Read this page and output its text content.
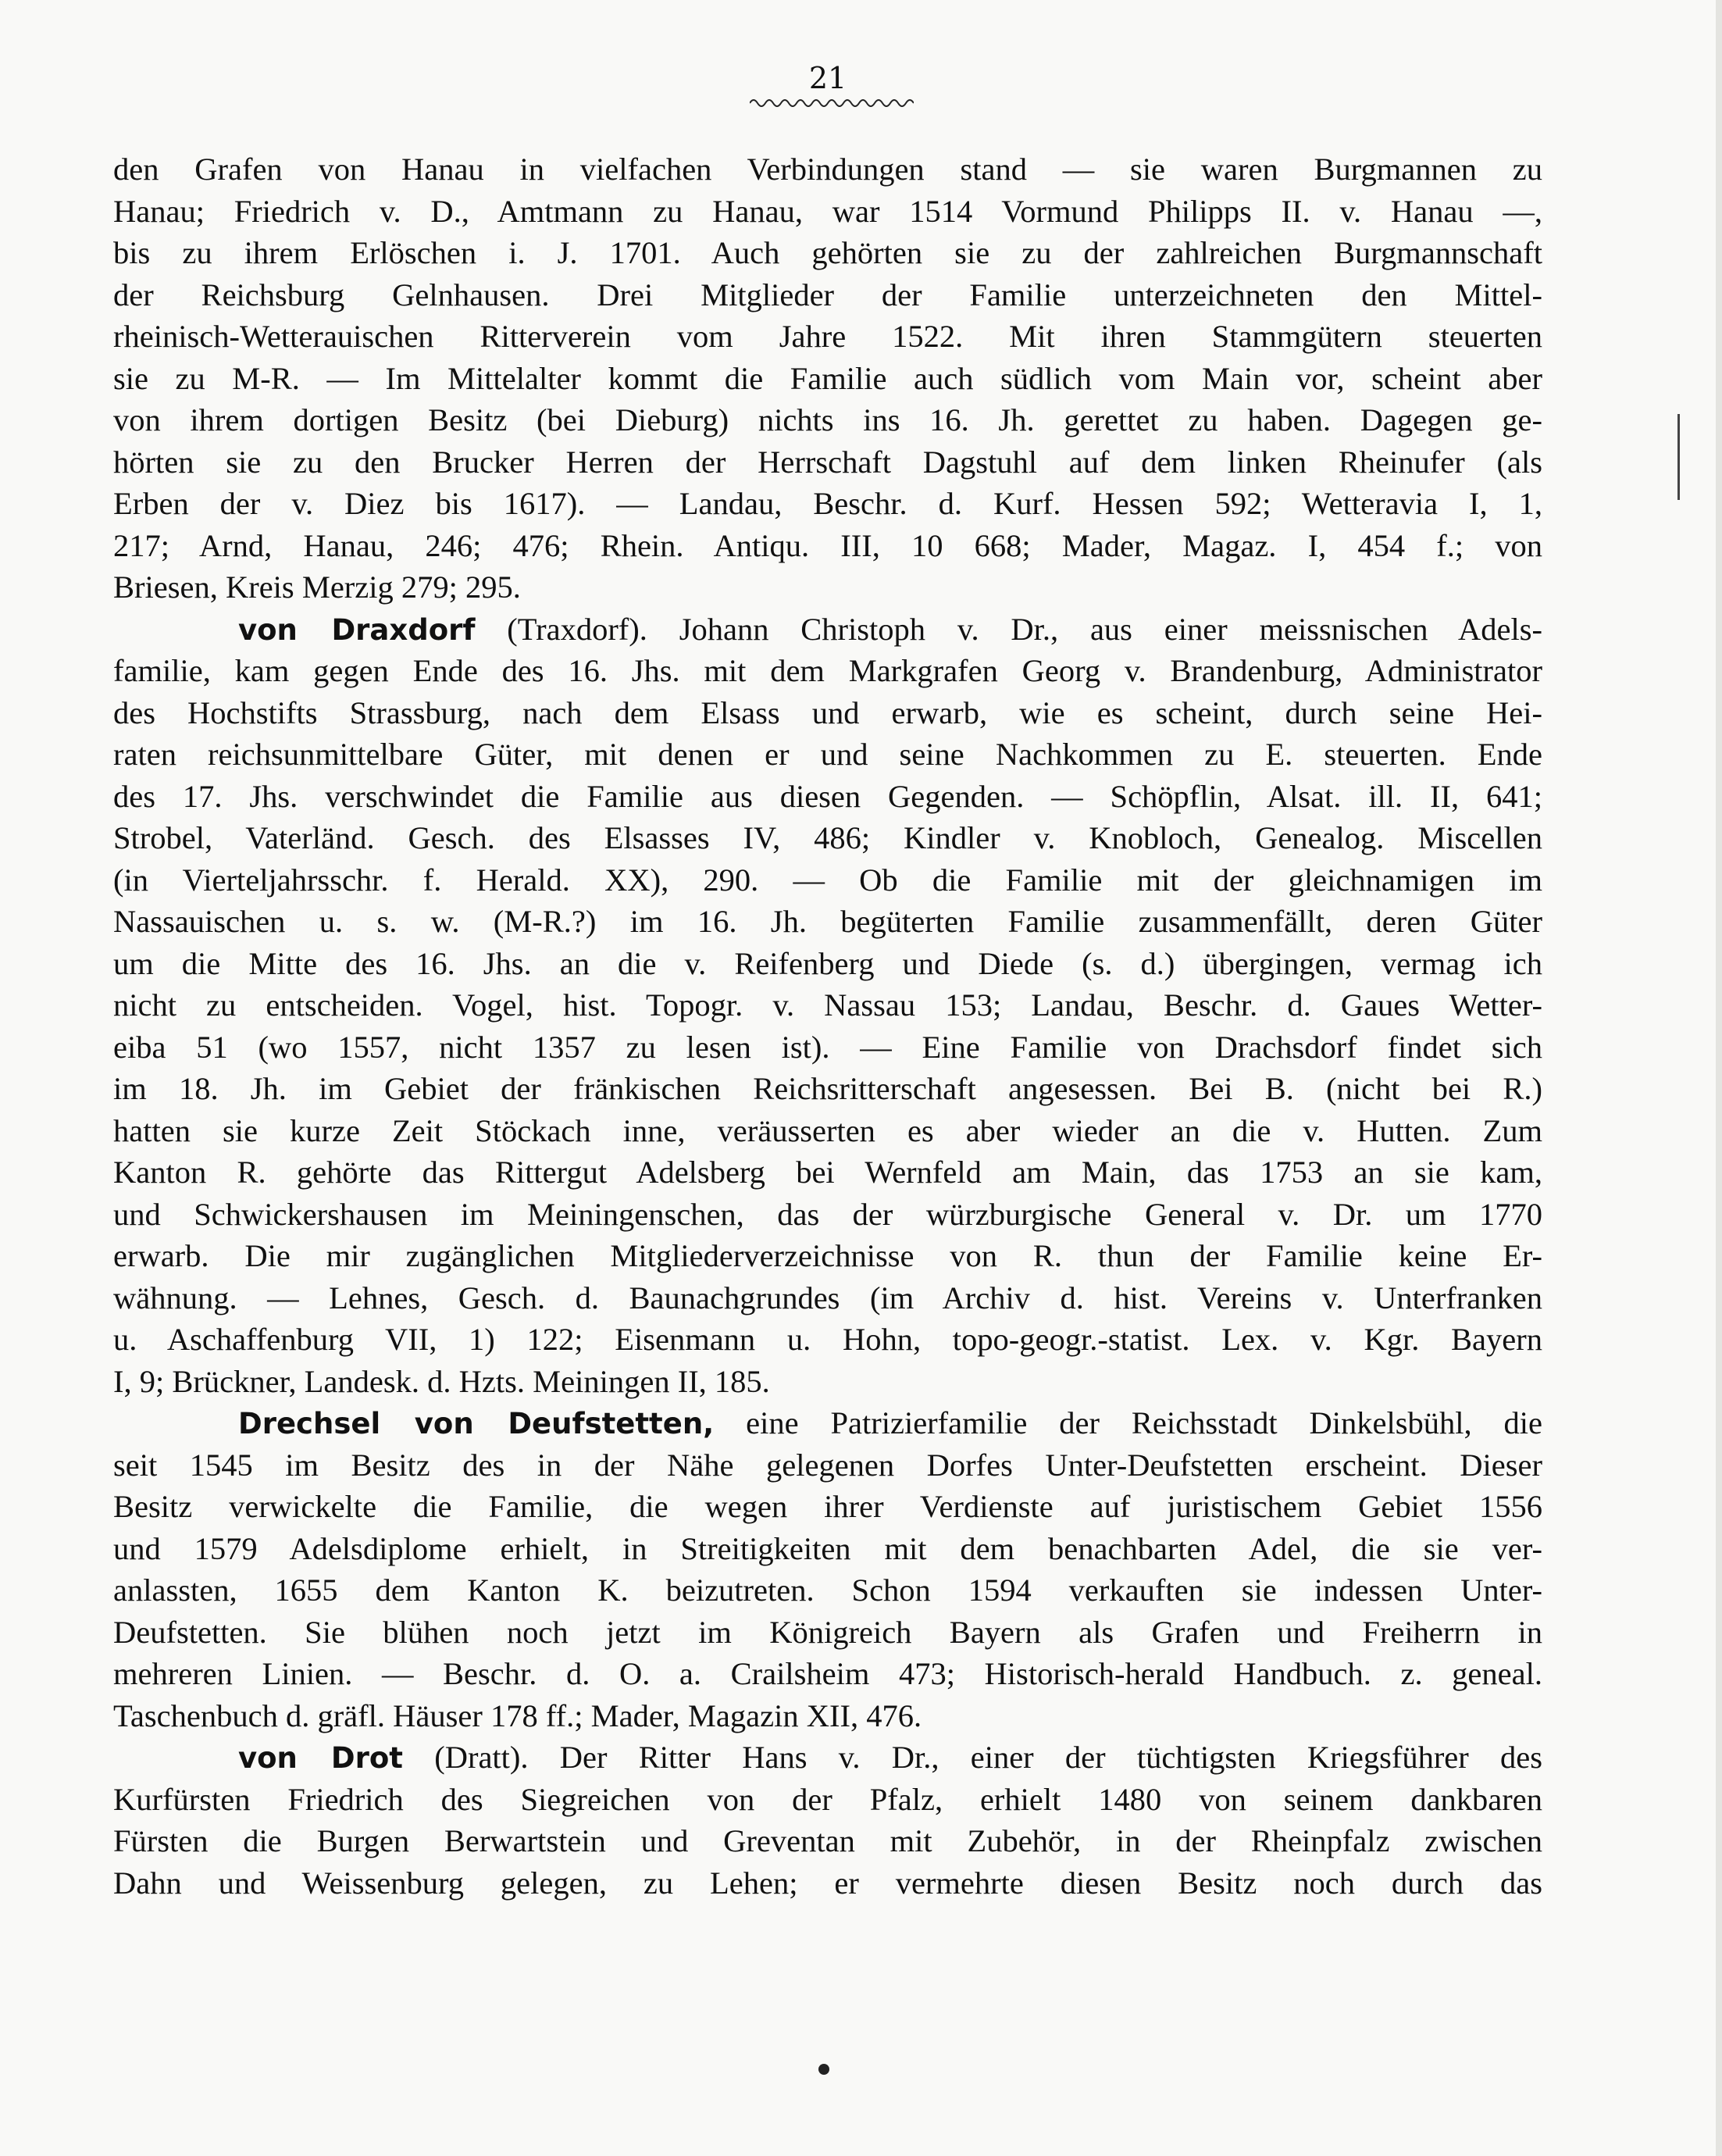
21
den Grafen von Hanau in vielfachen Verbindungen stand — sie waren Burgmannen zu
Hanau; Friedrich v. D., Amtmann zu Hanau, war 1514 Vormund Philipps II. v. Hanau —,
bis zu ihrem Erlöschen i. J. 1701. Auch gehörten sie zu der zahlreichen Burgmannschaft
der Reichsburg Gelnhausen. Drei Mitglieder der Familie unterzeichneten den Mittel-
rheinisch-Wetterauischen Ritterverein vom Jahre 1522. Mit ihren Stammgütern steuerten
sie zu M-R. — Im Mittelalter kommt die Familie auch südlich vom Main vor, scheint aber
von ihrem dortigen Besitz (bei Dieburg) nichts ins 16. Jh. gerettet zu haben. Dagegen ge-
hörten sie zu den Brucker Herren der Herrschaft Dagstuhl auf dem linken Rheinufer (als
Erben der v. Diez bis 1617). — Landau, Beschr. d. Kurf. Hessen 592; Wetteravia I, 1,
217; Arnd, Hanau, 246; 476; Rhein. Antiqu. III, 10 668; Mader, Magaz. I, 454 f.; von
Briesen, Kreis Merzig 279; 295.
von Draxdorf (Traxdorf). Johann Christoph v. Dr., aus einer meissnischen Adels-
familie, kam gegen Ende des 16. Jhs. mit dem Markgrafen Georg v. Brandenburg, Administrator
des Hochstifts Strassburg, nach dem Elsass und erwarb, wie es scheint, durch seine Hei-
raten reichsunmittelbare Güter, mit denen er und seine Nachkommen zu E. steuerten. Ende
des 17. Jhs. verschwindet die Familie aus diesen Gegenden. — Schöpflin, Alsat. ill. II, 641;
Strobel, Vaterländ. Gesch. des Elsasses IV, 486; Kindler v. Knobloch, Genealog. Miscellen
(in Vierteljahrsschr. f. Herald. XX), 290. — Ob die Familie mit der gleichnamigen im
Nassauischen u. s. w. (M-R.?) im 16. Jh. begüterten Familie zusammenfällt, deren Güter
um die Mitte des 16. Jhs. an die v. Reifenberg und Diede (s. d.) übergingen, vermag ich
nicht zu entscheiden. Vogel, hist. Topogr. v. Nassau 153; Landau, Beschr. d. Gaues Wetter-
eiba 51 (wo 1557, nicht 1357 zu lesen ist). — Eine Familie von Drachsdorf findet sich
im 18. Jh. im Gebiet der fränkischen Reichsritterschaft angesessen. Bei B. (nicht bei R.)
hatten sie kurze Zeit Stöckach inne, veräusserten es aber wieder an die v. Hutten. Zum
Kanton R. gehörte das Rittergut Adelsberg bei Wernfeld am Main, das 1753 an sie kam,
und Schwickershausen im Meiningenschen, das der würzburgische General v. Dr. um 1770
erwarb. Die mir zugänglichen Mitgliederverzeichnisse von R. thun der Familie keine Er-
wähnung. — Lehnes, Gesch. d. Baunachgrundes (im Archiv d. hist. Vereins v. Unterfranken
u. Aschaffenburg VII, 1) 122; Eisenmann u. Hohn, topo-geogr.-statist. Lex. v. Kgr. Bayern
I, 9; Brückner, Landesk. d. Hzts. Meiningen II, 185.
Drechsel von Deufstetten, eine Patrizierfamilie der Reichsstadt Dinkelsbühl, die
seit 1545 im Besitz des in der Nähe gelegenen Dorfes Unter-Deufstetten erscheint. Dieser
Besitz verwickelte die Familie, die wegen ihrer Verdienste auf juristischem Gebiet 1556
und 1579 Adelsdiplome erhielt, in Streitigkeiten mit dem benachbarten Adel, die sie ver-
anlassten, 1655 dem Kanton K. beizutreten. Schon 1594 verkauften sie indessen Unter-
Deufstetten. Sie blühen noch jetzt im Königreich Bayern als Grafen und Freiherrn in
mehreren Linien. — Beschr. d. O. a. Crailsheim 473; Historisch-herald Handbuch. z. geneal.
Taschenbuch d. gräfl. Häuser 178 ff.; Mader, Magazin XII, 476.
von Drot (Dratt). Der Ritter Hans v. Dr., einer der tüchtigsten Kriegsführer des
Kurfürsten Friedrich des Siegreichen von der Pfalz, erhielt 1480 von seinem dankbaren
Fürsten die Burgen Berwartstein und Greventan mit Zubehör, in der Rheinpfalz zwischen
Dahn und Weissenburg gelegen, zu Lehen; er vermehrte diesen Besitz noch durch das
